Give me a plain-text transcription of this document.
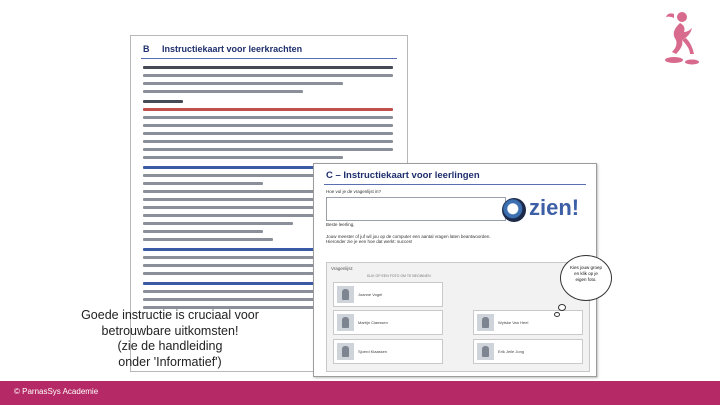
B Instructiekaart voor leerkrachten
C – Instructiekaart voor leerlingen
Hoe vul je de vragenlijst in?
Beste leerling,
zien!
Jouw meester of juf wil jou op de computer een aantal vragen laten beantwoorden.
Hieronder zie je een hoe dat werkt: succes!
Vragenlijst:
KLIK OP EEN FOTO OM TE BEGINNEN
Joanne Vogel
Martijn Claessen	Wytske Van Heel
Sjoerd Klaassen	Erik Jelle Jong
Kies jouw groep
en klik op je
eigen foto.
Goede instructie is cruciaal voor
betrouwbare uitkomsten!
(zie de handleiding
onder 'Informatief')
© ParnasSys Academie
